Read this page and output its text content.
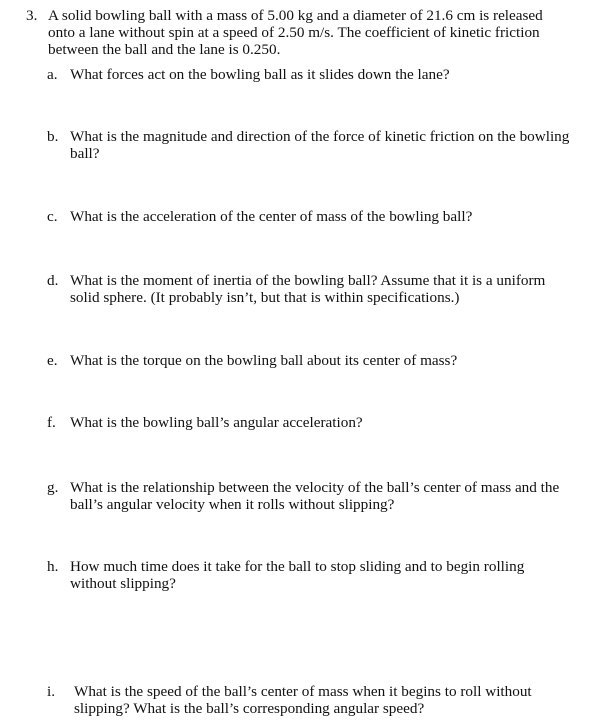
3. A solid bowling ball with a mass of 5.00 kg and a diameter of 21.6 cm is released
onto a lane without spin at a speed of 2.50 m/s. The coefficient of kinetic friction
between the ball and the lane is 0.250.
a. What forces act on the bowling ball as it slides down the lane?
b. What is the magnitude and direction of the force of kinetic friction on the bowling
ball?
c. What is the acceleration of the center of mass of the bowling ball?
d. What is the moment of inertia of the bowling ball? Assume that it is a uniform
solid sphere. (It probably isn’t, but that is within specifications.)
e. What is the torque on the bowling ball about its center of mass?
f. What is the bowling ball’s angular acceleration?
g. What is the relationship between the velocity of the ball’s center of mass and the
ball’s angular velocity when it rolls without slipping?
h. How much time does it take for the ball to stop sliding and to begin rolling
without slipping?
i. What is the speed of the ball’s center of mass when it begins to roll without
slipping? What is the ball’s corresponding angular speed?
